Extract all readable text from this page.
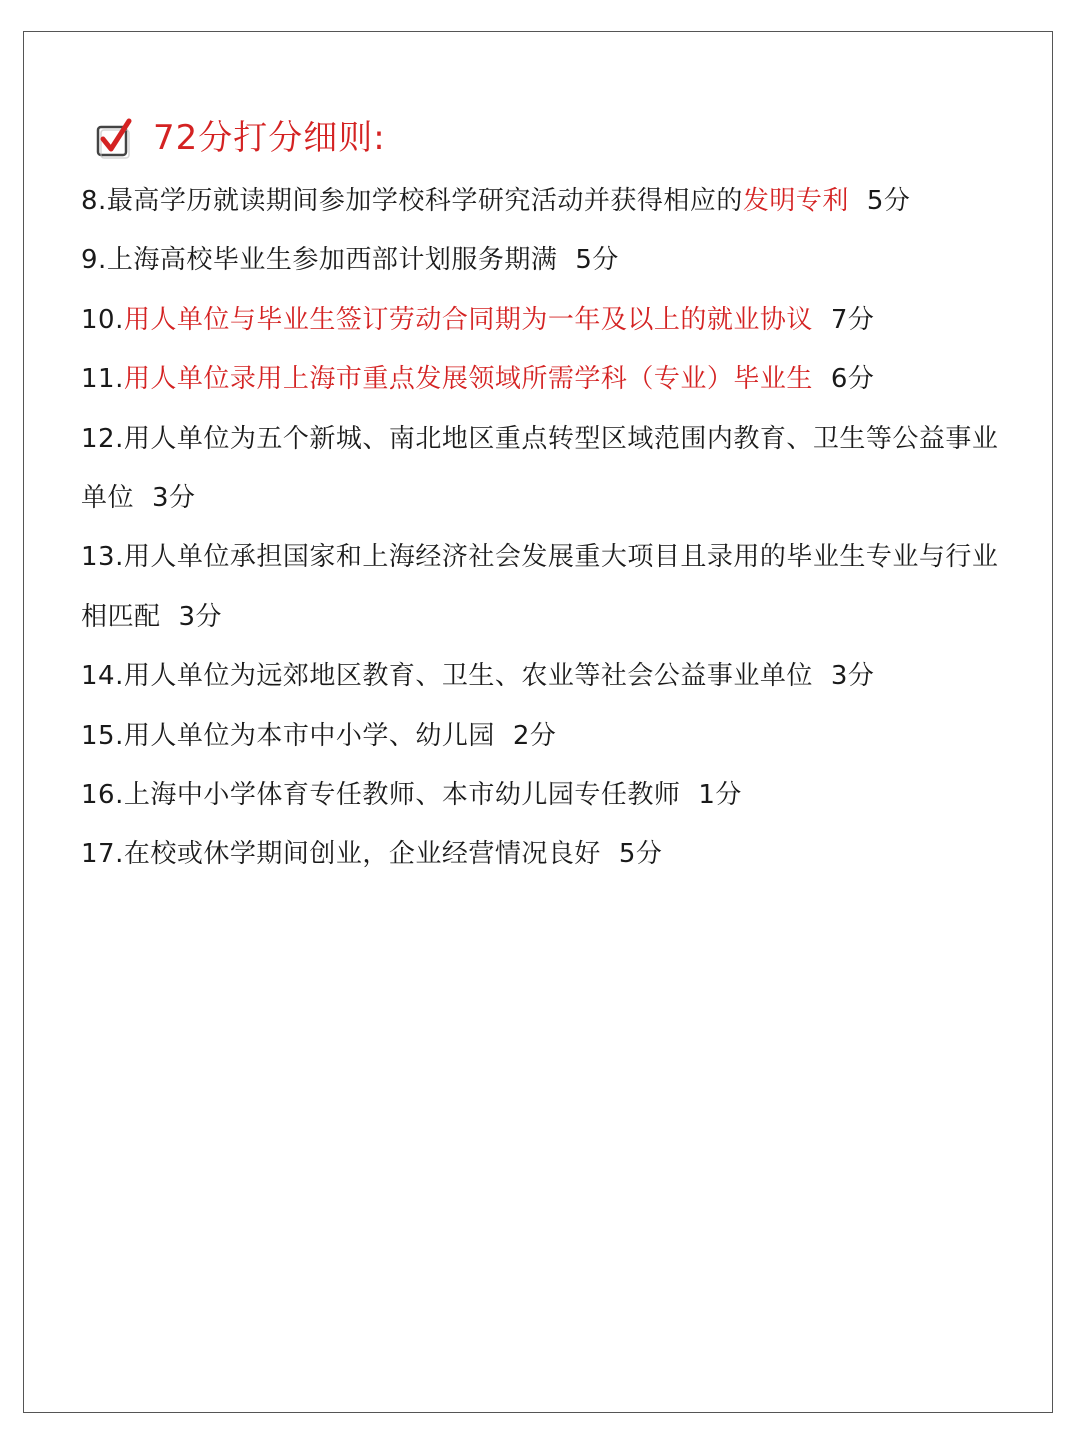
72分打分细则:

8.最高学历就读期间参加学校科学研究活动并获得相应的发明专利 5分

9.上海高校毕业生参加西部计划服务期满 5分

10.用人单位与毕业生签订劳动合同期为一年及以上的就业协议 7分

11.用人单位录用上海市重点发展领域所需学科（专业）毕业生 6分

12.用人单位为五个新城、南北地区重点转型区域范围内教育、卫生等公益事业单位 3分

13.用人单位承担国家和上海经济社会发展重大项目且录用的毕业生专业与行业相匹配 3分

14.用人单位为远郊地区教育、卫生、农业等社会公益事业单位 3分

15.用人单位为本市中小学、幼儿园 2分

16.上海中小学体育专任教师、本市幼儿园专任教师 1分

17.在校或休学期间创业，企业经营情况良好 5分
